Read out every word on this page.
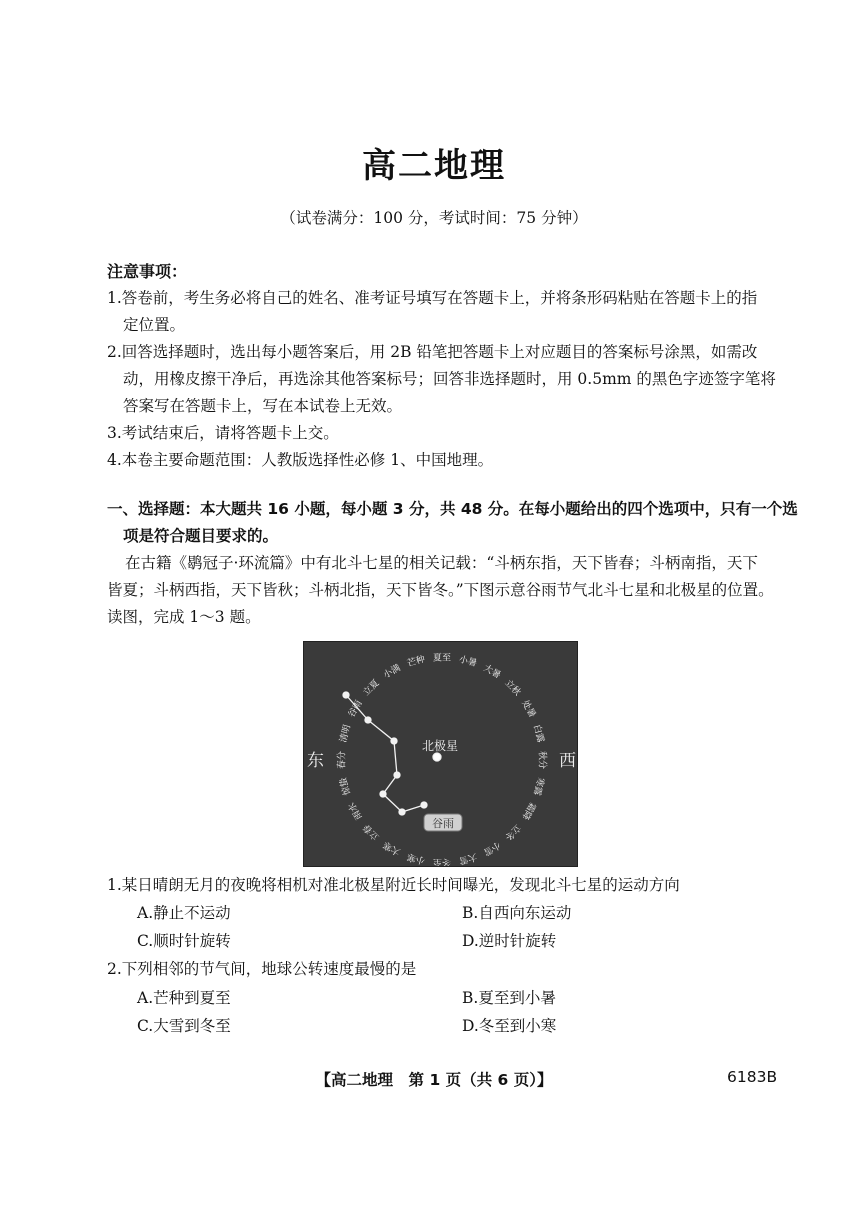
高二地理
（试卷满分：100 分，考试时间：75 分钟）
注意事项：
1.答卷前，考生务必将自己的姓名、准考证号填写在答题卡上，并将条形码粘贴在答题卡上的指
定位置。
2.回答选择题时，选出每小题答案后，用 2B 铅笔把答题卡上对应题目的答案标号涂黑，如需改
动，用橡皮擦干净后，再选涂其他答案标号；回答非选择题时，用 0.5mm 的黑色字迹签字笔将
答案写在答题卡上，写在本试卷上无效。
3.考试结束后，请将答题卡上交。
4.本卷主要命题范围：人教版选择性必修 1、中国地理。
一、选择题：本大题共 16 小题，每小题 3 分，共 48 分。在每小题给出的四个选项中，只有一个选
项是符合题目要求的。
在古籍《鹖冠子·环流篇》中有北斗七星的相关记载：“斗柄东指，天下皆春；斗柄南指，天下
皆夏；斗柄西指，天下皆秋；斗柄北指，天下皆冬。”下图示意谷雨节气北斗七星和北极星的位置。
读图，完成 1～3 题。
夏至
芒种
小满
立夏
谷雨
清明
春分
惊蛰
雨水
立春
大寒
小寒 冬至 大雪
小雪
立冬
霜降
寒露
秋分
白露
处暑
立秋
大暑
小暑
北极星
东	西
谷雨
1.某日晴朗无月的夜晚将相机对准北极星附近长时间曝光，发现北斗七星的运动方向
A.静止不运动	B.自西向东运动
C.顺时针旋转	D.逆时针旋转
2.下列相邻的节气间，地球公转速度最慢的是
A.芒种到夏至	B.夏至到小暑
C.大雪到冬至	D.冬至到小寒
【高二地理　第 1 页（共 6 页）】	6183B
